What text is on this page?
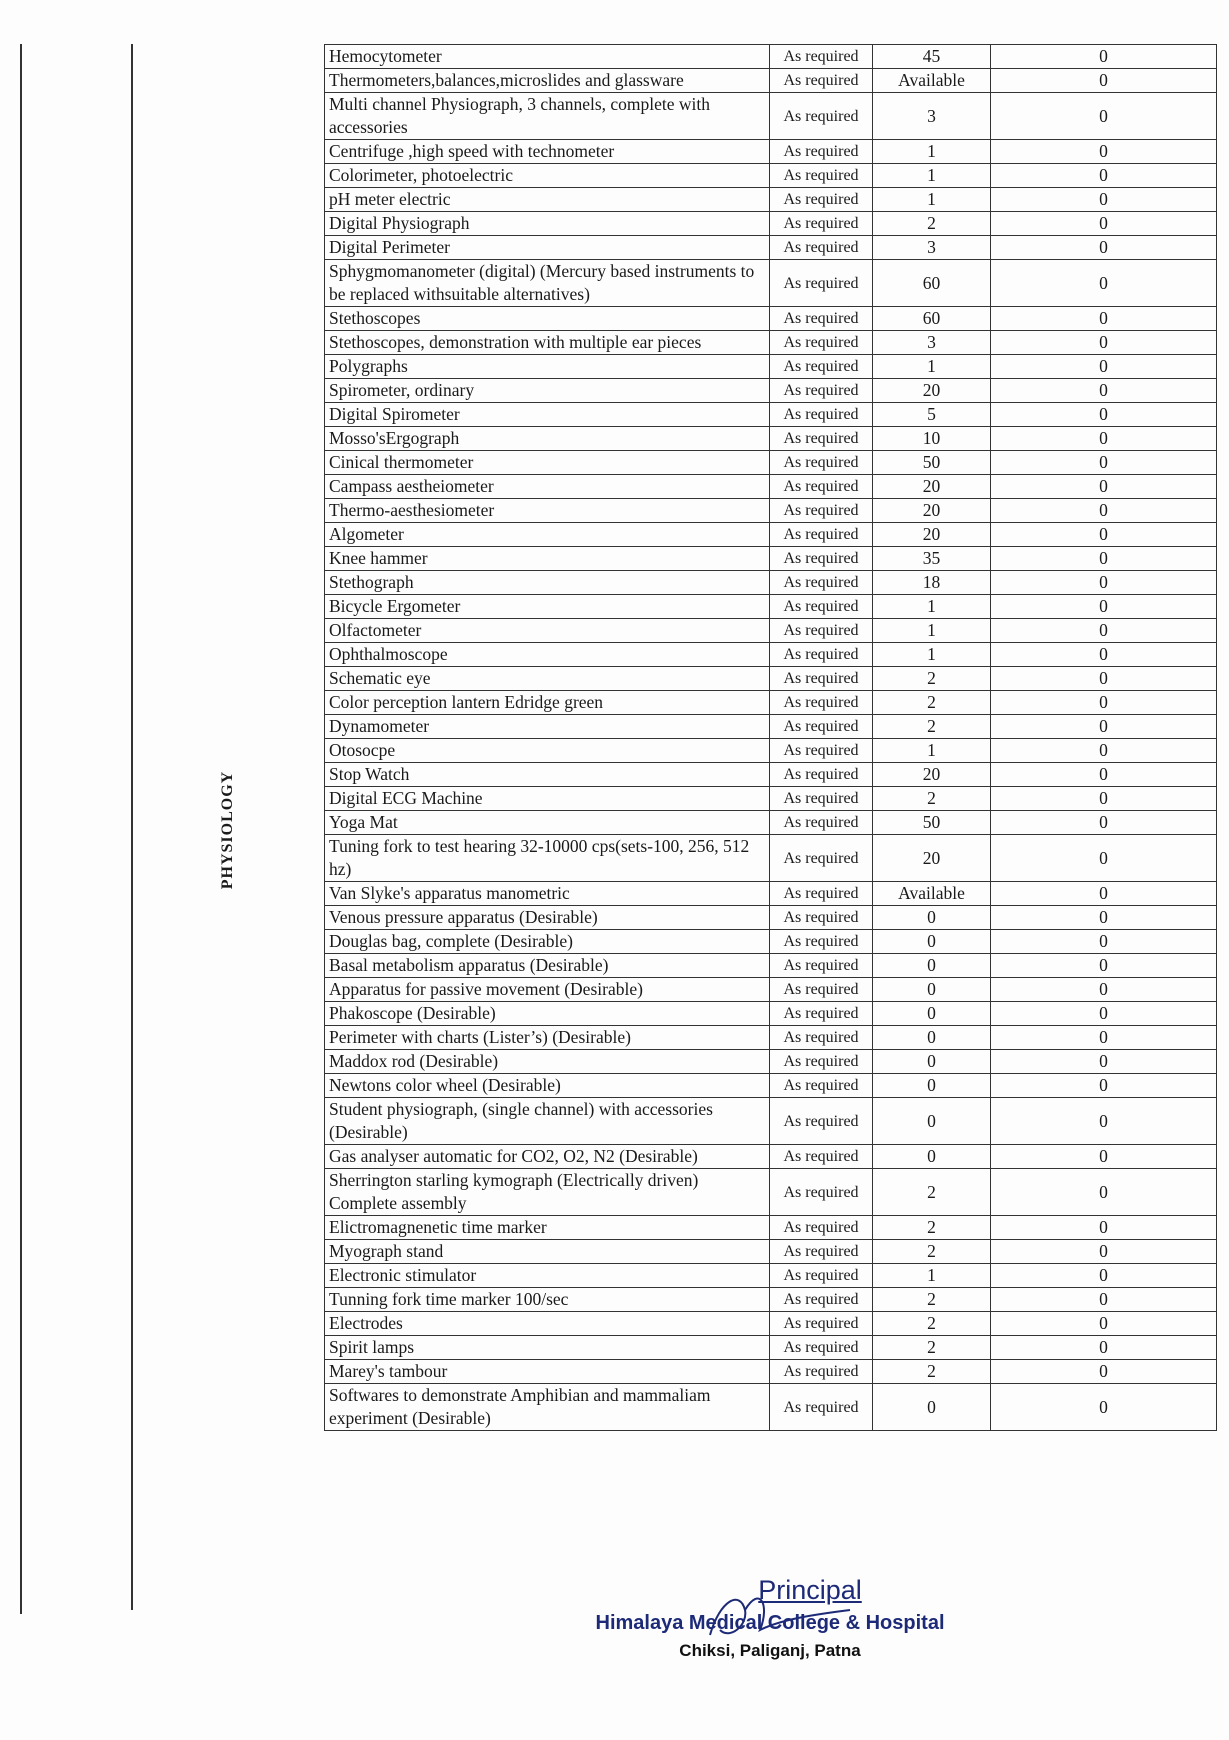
PHYSIOLOGY
Hemocytometer	As required	45	0
Thermometers,balances,microslides and glassware	As required	Available	0
Multi channel Physiograph, 3 channels, complete with accessories	As required	3	0
Centrifuge ,high speed with technometer	As required	1	0
Colorimeter, photoelectric	As required	1	0
pH meter electric	As required	1	0
Digital Physiograph	As required	2	0
Digital Perimeter	As required	3	0
Sphygmomanometer (digital) (Mercury based instruments to be replaced withsuitable alternatives)	As required	60	0
Stethoscopes	As required	60	0
Stethoscopes, demonstration with multiple ear pieces	As required	3	0
Polygraphs	As required	1	0
Spirometer, ordinary	As required	20	0
Digital Spirometer	As required	5	0
Mosso'sErgograph	As required	10	0
Cinical thermometer	As required	50	0
Campass aestheiometer	As required	20	0
Thermo-aesthesiometer	As required	20	0
Algometer	As required	20	0
Knee hammer	As required	35	0
Stethograph	As required	18	0
Bicycle Ergometer	As required	1	0
Olfactometer	As required	1	0
Ophthalmoscope	As required	1	0
Schematic eye	As required	2	0
Color perception lantern Edridge green	As required	2	0
Dynamometer	As required	2	0
Otosocpe	As required	1	0
Stop Watch	As required	20	0
Digital ECG Machine	As required	2	0
Yoga Mat	As required	50	0
Tuning fork to test hearing 32-10000 cps(sets-100, 256, 512 hz)	As required	20	0
Van Slyke's apparatus manometric	As required	Available	0
Venous pressure apparatus (Desirable)	As required	0	0
Douglas bag, complete (Desirable)	As required	0	0
Basal metabolism apparatus (Desirable)	As required	0	0
Apparatus for passive movement (Desirable)	As required	0	0
Phakoscope (Desirable)	As required	0	0
Perimeter with charts (Lister’s) (Desirable)	As required	0	0
Maddox rod (Desirable)	As required	0	0
Newtons color wheel (Desirable)	As required	0	0
Student physiograph, (single channel) with accessories (Desirable)	As required	0	0
Gas analyser automatic for CO2, O2, N2 (Desirable)	As required	0	0
Sherrington starling kymograph (Electrically driven) Complete assembly	As required	2	0
Elictromagnenetic time marker	As required	2	0
Myograph stand	As required	2	0
Electronic stimulator	As required	1	0
Tunning fork time marker 100/sec	As required	2	0
Electrodes	As required	2	0
Spirit lamps	As required	2	0
Marey's tambour	As required	2	0
Softwares to demonstrate Amphibian and mammaliam experiment (Desirable)	As required	0	0
Principal
Himalaya Medical College & Hospital
Chiksi, Paliganj, Patna
